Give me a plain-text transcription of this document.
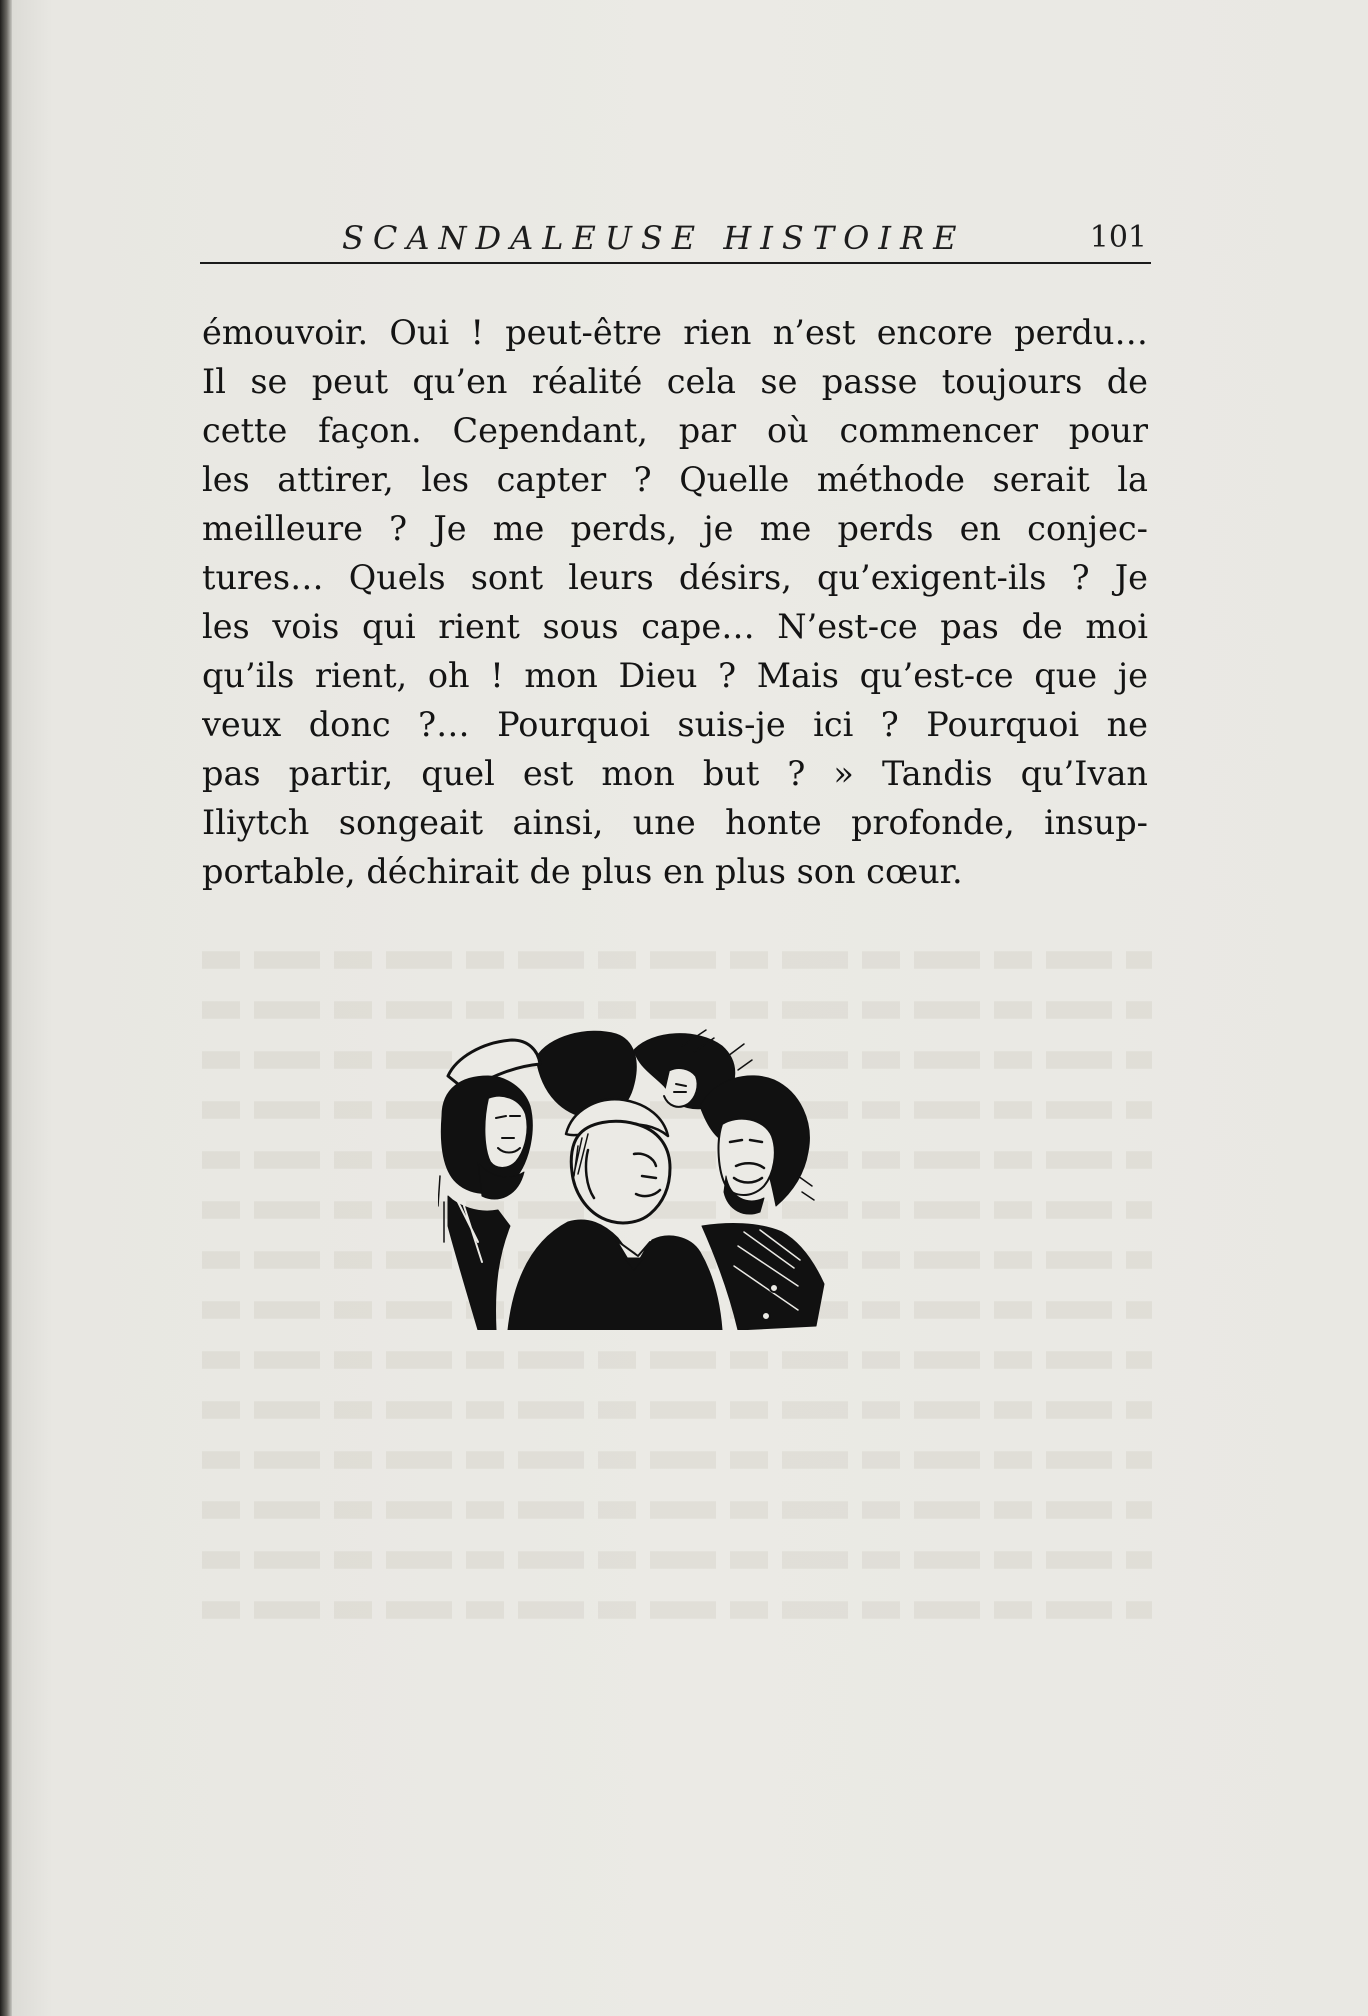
SCANDALEUSE HISTOIRE	101
émouvoir. Oui ! peut-être rien n’est encore perdu…
Il se peut qu’en réalité cela se passe toujours de
cette façon. Cependant, par où commencer pour
les attirer, les capter ? Quelle méthode serait la
meilleure ? Je me perds, je me perds en conjec-
tures… Quels sont leurs désirs, qu’exigent-ils ? Je
les vois qui rient sous cape… N’est-ce pas de moi
qu’ils rient, oh ! mon Dieu ? Mais qu’est-ce que je
veux donc ?… Pourquoi suis-je ici ? Pourquoi ne
pas partir, quel est mon but ? » Tandis qu’Ivan
Iliytch songeait ainsi, une honte profonde, insup-
portable, déchirait de plus en plus son cœur.
